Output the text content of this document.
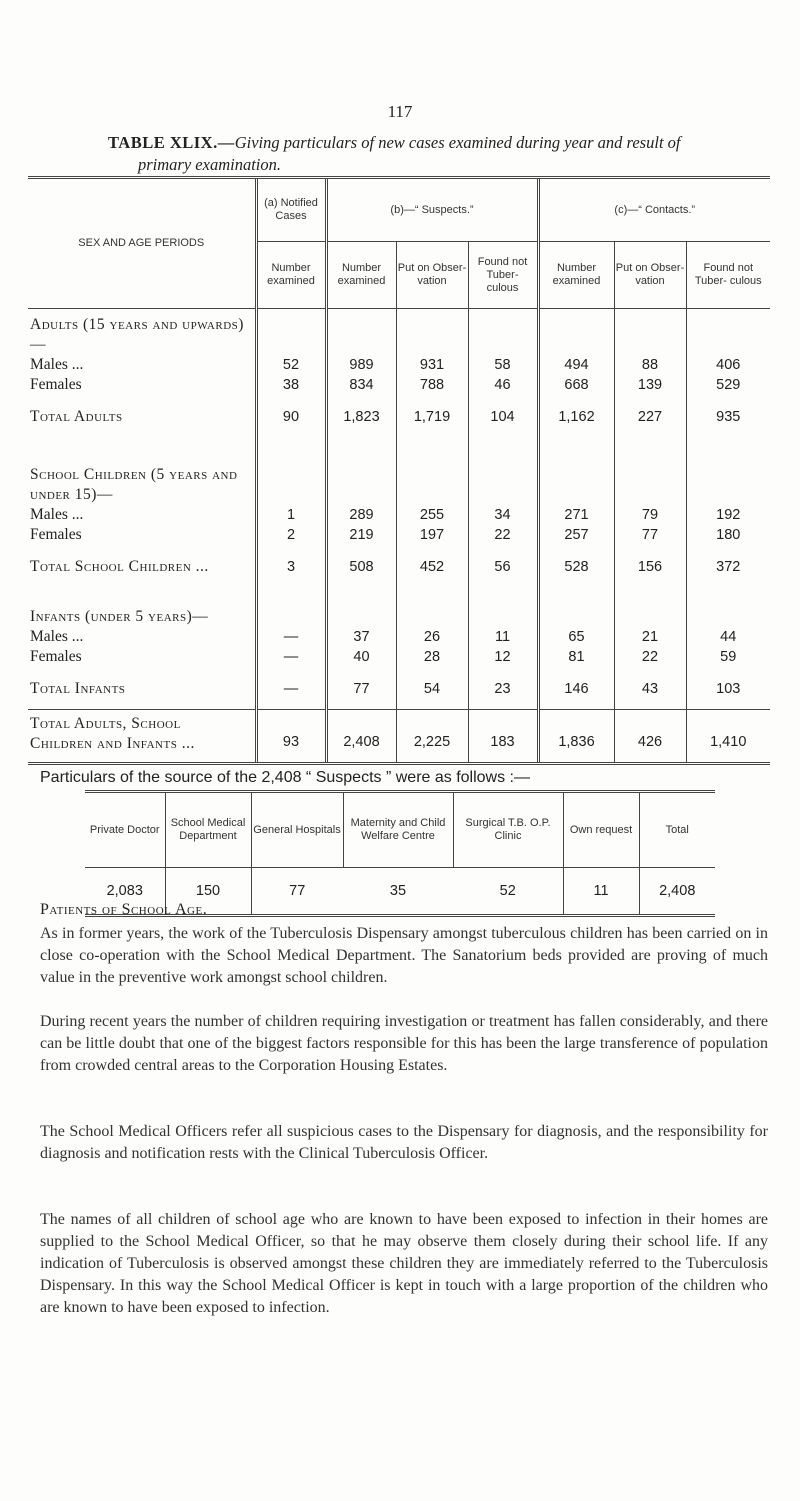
117
TABLE XLIX.—Giving particulars of new cases examined during year and result of
primary examination.
SEX AND AGE PERIODS	(a) Notified Cases	(b)—“ Suspects.”			(c)—“ Contacts.”		
	Number examined	Number examined	Put on Obser- vation	Found not Tuber- culous	Number examined	Put on Obser- vation	Found not Tuber- culous
Adults (15 years and upwards)—							
Males ...	52	989	931	58	494	88	406
Females	38	834	788	46	668	139	529
Total Adults	90	1,823	1,719	104	1,162	227	935
School Children (5 years and under 15)—							
Males ...	1	289	255	34	271	79	192
Females	2	219	197	22	257	77	180
Total School Children ...	3	508	452	56	528	156	372
Infants (under 5 years)—							
Males ...	—	37	26	11	65	21	44
Females	—	40	28	12	81	22	59
Total Infants	—	77	54	23	146	43	103
Total Adults, School
Children and Infants ...	93	2,408	2,225	183	1,836	426	1,410
Particulars of the source of the 2,408 “ Suspects ” were as follows :—
Private Doctor	School Medical Department	General Hospitals	Maternity and Child Welfare Centre	Surgical T.B. O.P. Clinic	Own request	Total
2,083	150	77	35	52	11	2,408
Patients of School Age.

As in former years, the work of the Tuberculosis Dispensary amongst tuberculous children has been carried on in close co-operation with the School Medical Department. The Sanatorium beds provided are proving of much value in the preventive work amongst school children.

During recent years the number of children requiring investigation or treatment has fallen considerably, and there can be little doubt that one of the biggest factors responsible for this has been the large transference of population from crowded central areas to the Corporation Housing Estates.

The School Medical Officers refer all suspicious cases to the Dispensary for diagnosis, and the responsibility for diagnosis and notification rests with the Clinical Tuberculosis Officer.

The names of all children of school age who are known to have been exposed to infection in their homes are supplied to the School Medical Officer, so that he may observe them closely during their school life. If any indication of Tuberculosis is observed amongst these children they are immediately referred to the Tuberculosis Dispensary. In this way the School Medical Officer is kept in touch with a large proportion of the children who are known to have been exposed to infection.
